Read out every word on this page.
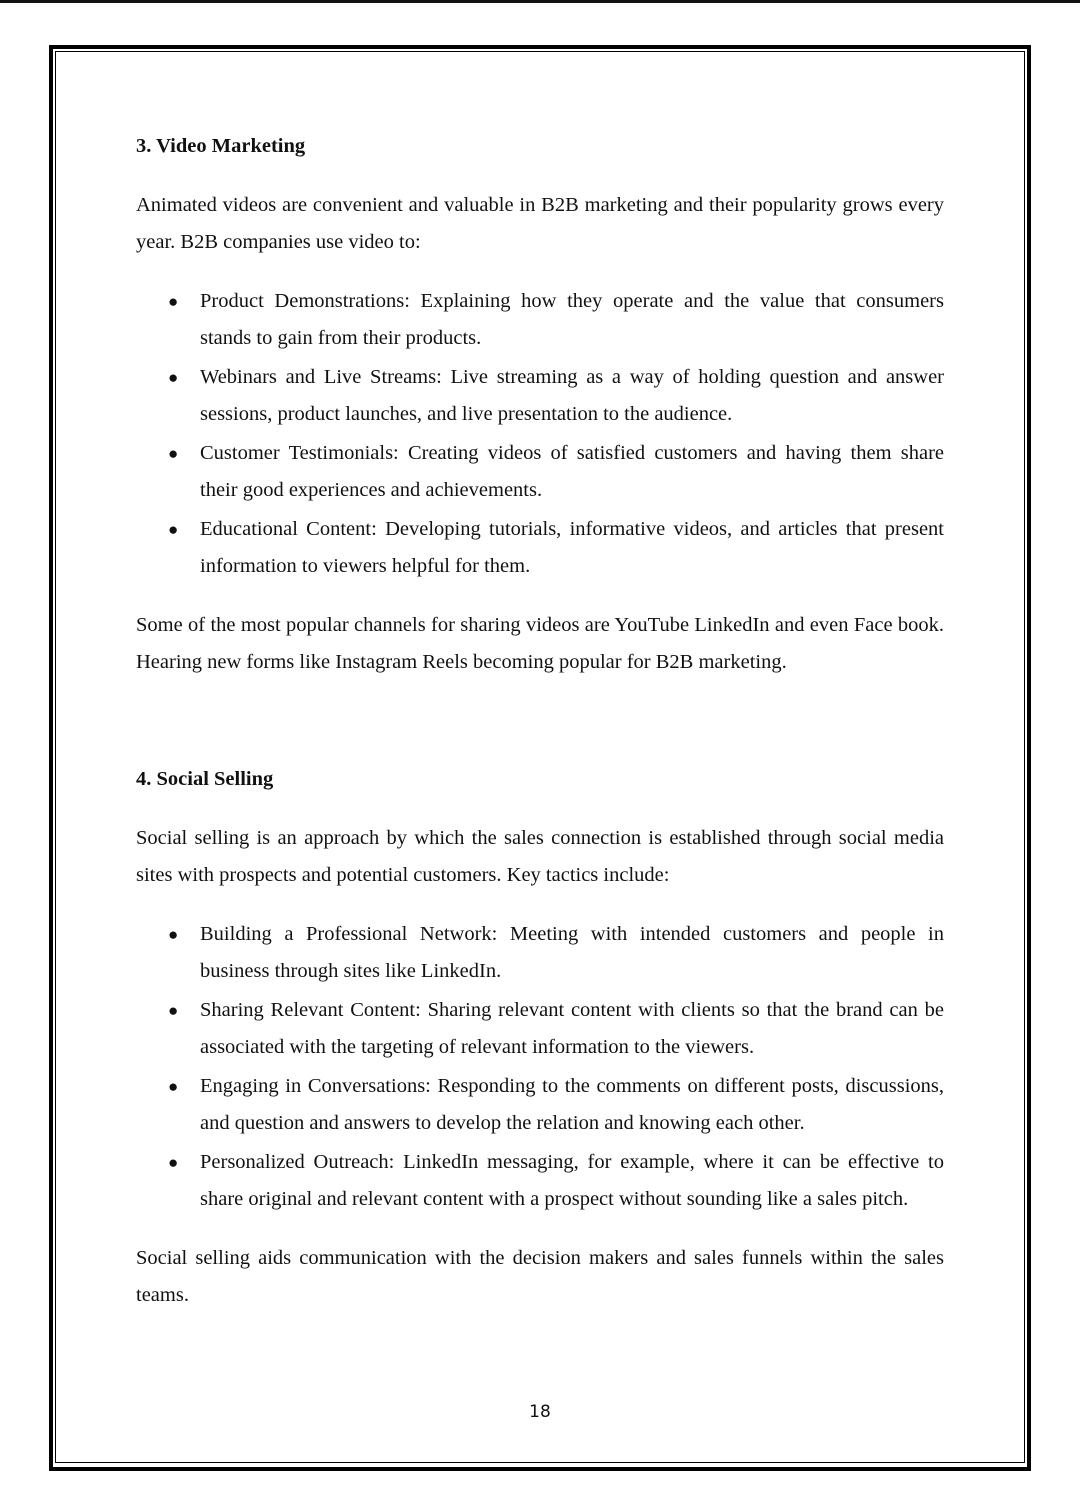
3. Video Marketing

Animated videos are convenient and valuable in B2B marketing and their popularity grows every year. B2B companies use video to:

● Product Demonstrations: Explaining how they operate and the value that consumers stands to gain from their products.
● Webinars and Live Streams: Live streaming as a way of holding question and answer sessions, product launches, and live presentation to the audience.
● Customer Testimonials: Creating videos of satisfied customers and having them share their good experiences and achievements.
● Educational Content: Developing tutorials, informative videos, and articles that present information to viewers helpful for them.

Some of the most popular channels for sharing videos are YouTube LinkedIn and even Face book. Hearing new forms like Instagram Reels becoming popular for B2B marketing.

4. Social Selling

Social selling is an approach by which the sales connection is established through social media sites with prospects and potential customers. Key tactics include:

● Building a Professional Network: Meeting with intended customers and people in business through sites like LinkedIn.
● Sharing Relevant Content: Sharing relevant content with clients so that the brand can be associated with the targeting of relevant information to the viewers.
● Engaging in Conversations: Responding to the comments on different posts, discussions, and question and answers to develop the relation and knowing each other.
● Personalized Outreach: LinkedIn messaging, for example, where it can be effective to share original and relevant content with a prospect without sounding like a sales pitch.

Social selling aids communication with the decision makers and sales funnels within the sales teams.

18
